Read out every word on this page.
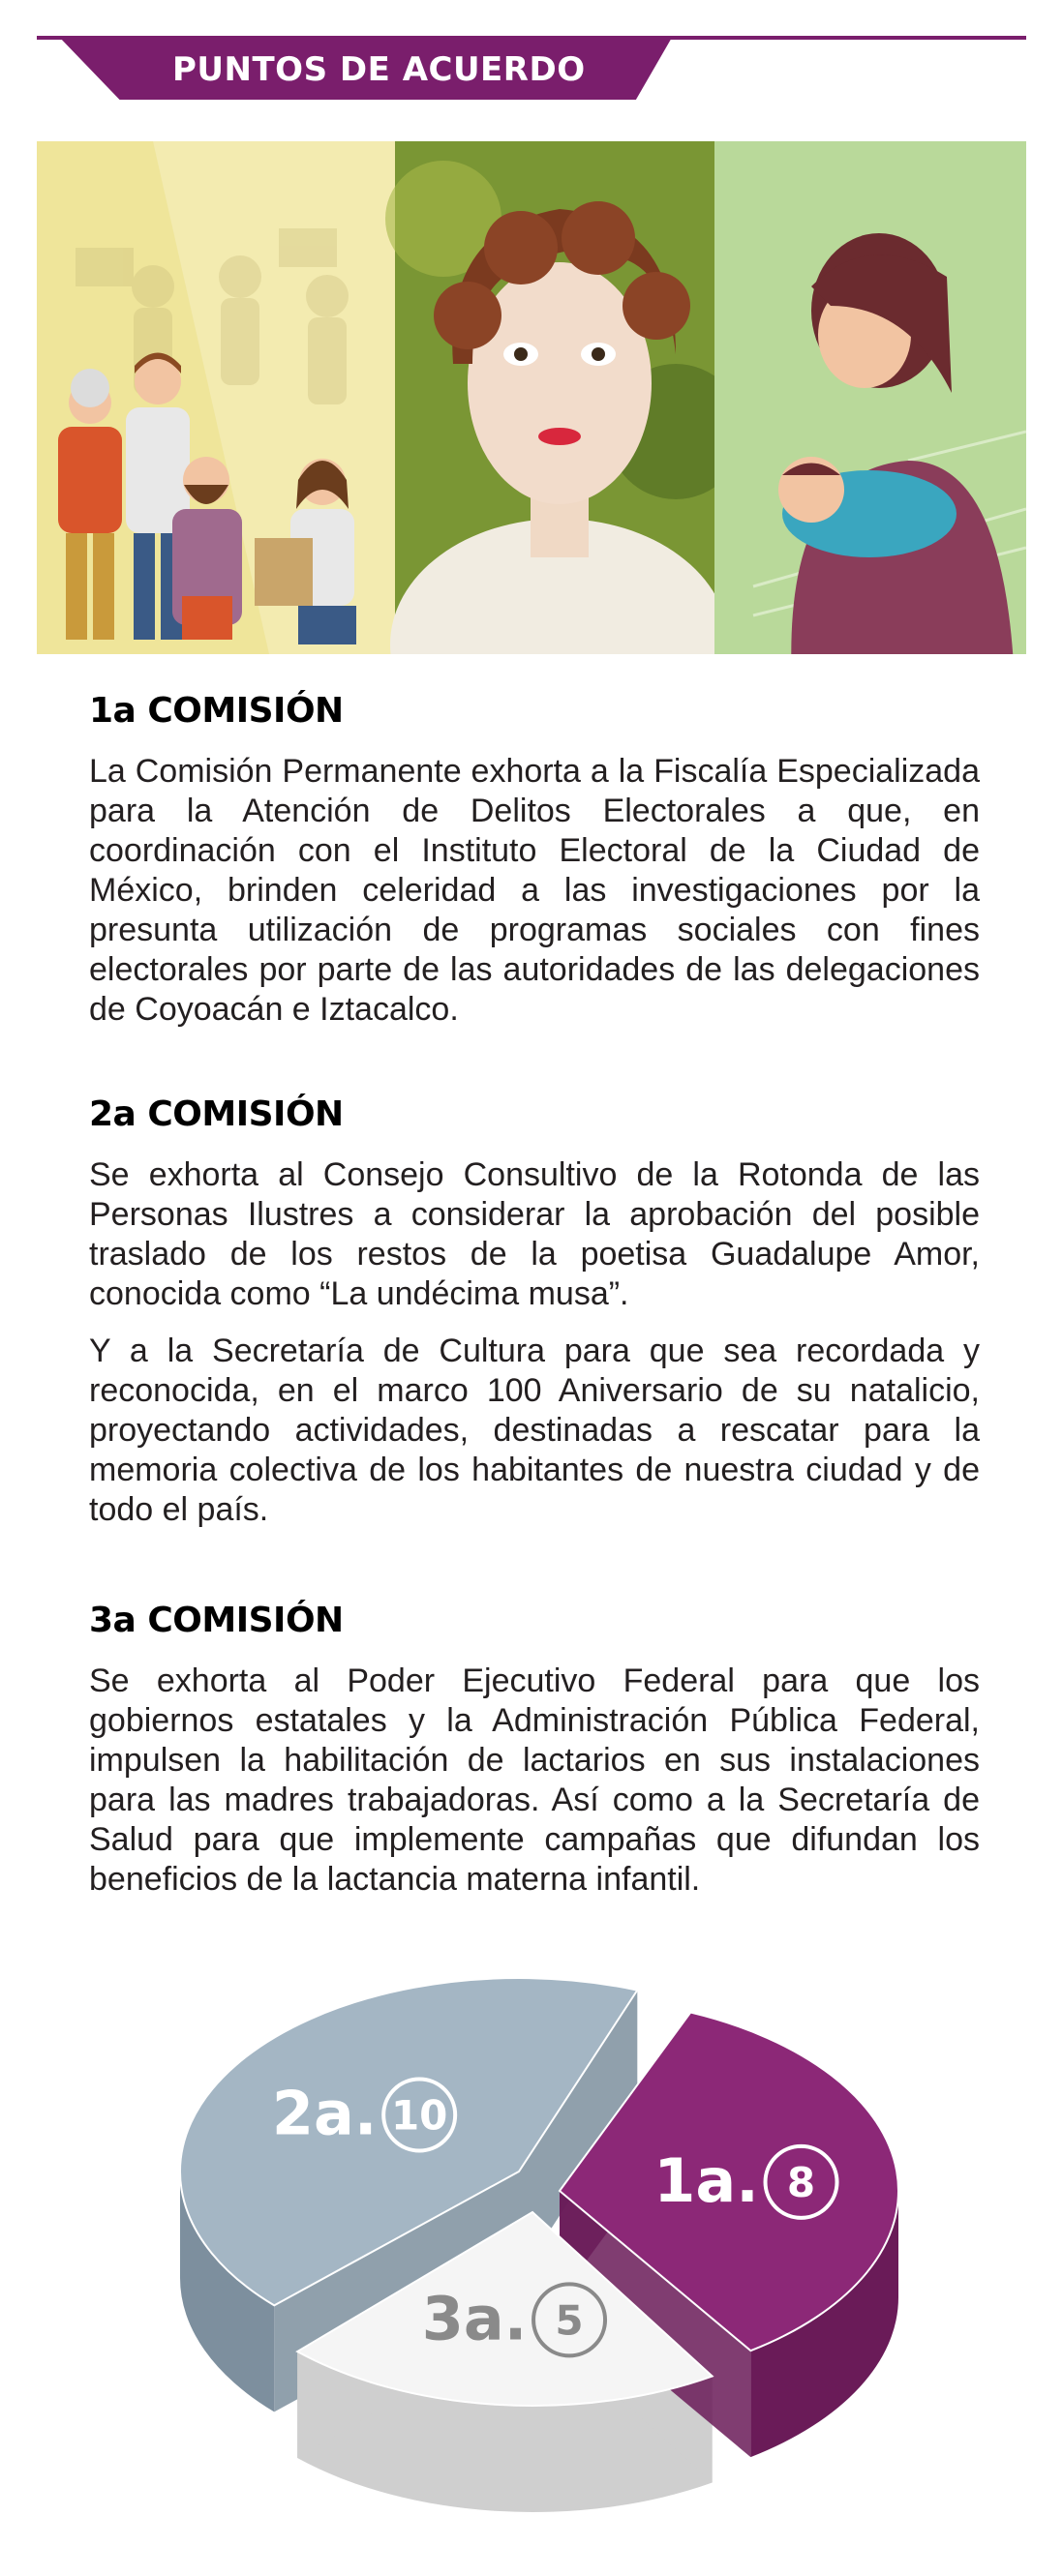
PUNTOS DE ACUERDO
1a COMISIÓN

La Comisión Permanente exhorta a la Fiscalía Especializada para la Atención de Delitos Electorales a que, en coordinación con el Instituto Electoral de la Ciudad de México, brinden celeridad a las investigaciones por la presunta utilización de programas sociales con fines electorales por parte de las autoridades de las delegaciones de Coyoacán e Iztacalco.

2a COMISIÓN

Se exhorta al Consejo Consultivo de la Rotonda de las Personas Ilustres a considerar la aprobación del posible traslado de los restos de la poetisa Guadalupe Amor, conocida como “La undécima musa”.

Y a la Secretaría de Cultura para que sea recordada y reconocida, en el marco 100 Aniversario de su natalicio, proyectando actividades, destinadas a rescatar para la memoria colectiva de los habitantes de nuestra ciudad y de todo el país.

3a COMISIÓN

Se exhorta al Poder Ejecutivo Federal para que los gobiernos estatales y la Administración Pública Federal, impulsen la habilitación de lactarios en sus instalaciones para las madres trabajadoras. Así como a la Secretaría de Salud para que implemente campañas que difundan los beneficios de la lactancia materna infantil.

2a. 10
3a. 5
1a. 8
